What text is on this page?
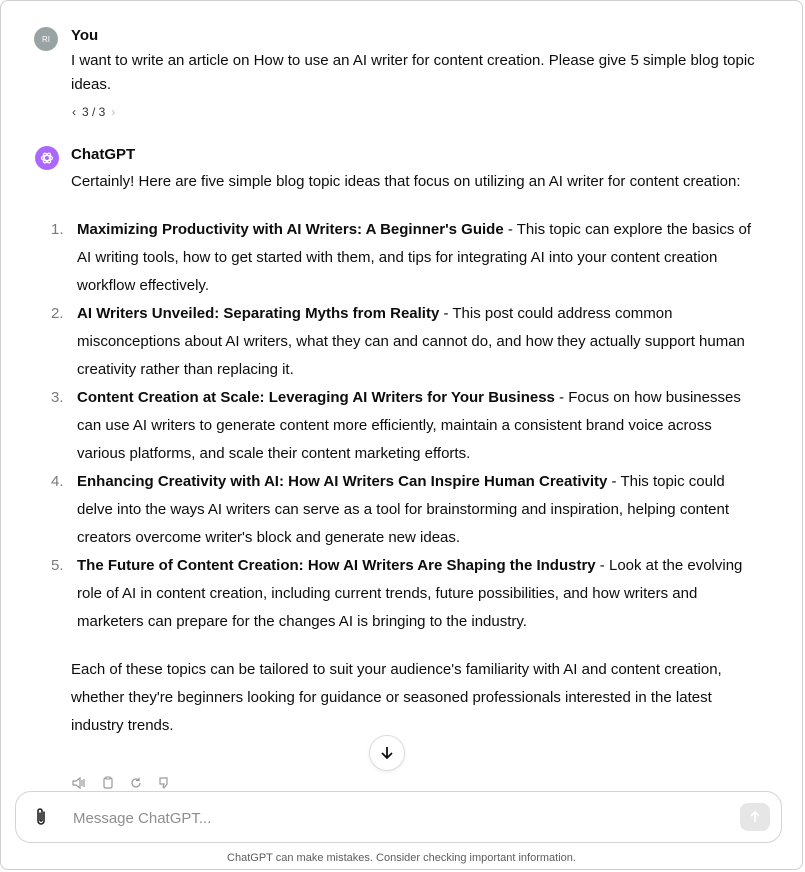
RI You
I want to write an article on How to use an AI writer for content creation. Please give 5 simple blog topic ideas.
‹ 3 / 3 ›
ChatGPT
Certainly! Here are five simple blog topic ideas that focus on utilizing an AI writer for content creation:
1. Maximizing Productivity with AI Writers: A Beginner's Guide - This topic can explore the basics of AI writing tools, how to get started with them, and tips for integrating AI into your content creation workflow effectively.
2. AI Writers Unveiled: Separating Myths from Reality - This post could address common misconceptions about AI writers, what they can and cannot do, and how they actually support human creativity rather than replacing it.
3. Content Creation at Scale: Leveraging AI Writers for Your Business - Focus on how businesses can use AI writers to generate content more efficiently, maintain a consistent brand voice across various platforms, and scale their content marketing efforts.
4. Enhancing Creativity with AI: How AI Writers Can Inspire Human Creativity - This topic could delve into the ways AI writers can serve as a tool for brainstorming and inspiration, helping content creators overcome writer's block and generate new ideas.
5. The Future of Content Creation: How AI Writers Are Shaping the Industry - Look at the evolving role of AI in content creation, including current trends, future possibilities, and how writers and marketers can prepare for the changes AI is bringing to the industry.
Each of these topics can be tailored to suit your audience's familiarity with AI and content creation, whether they're beginners looking for guidance or seasoned professionals interested in the latest industry trends.
Message ChatGPT...
ChatGPT can make mistakes. Consider checking important information.
